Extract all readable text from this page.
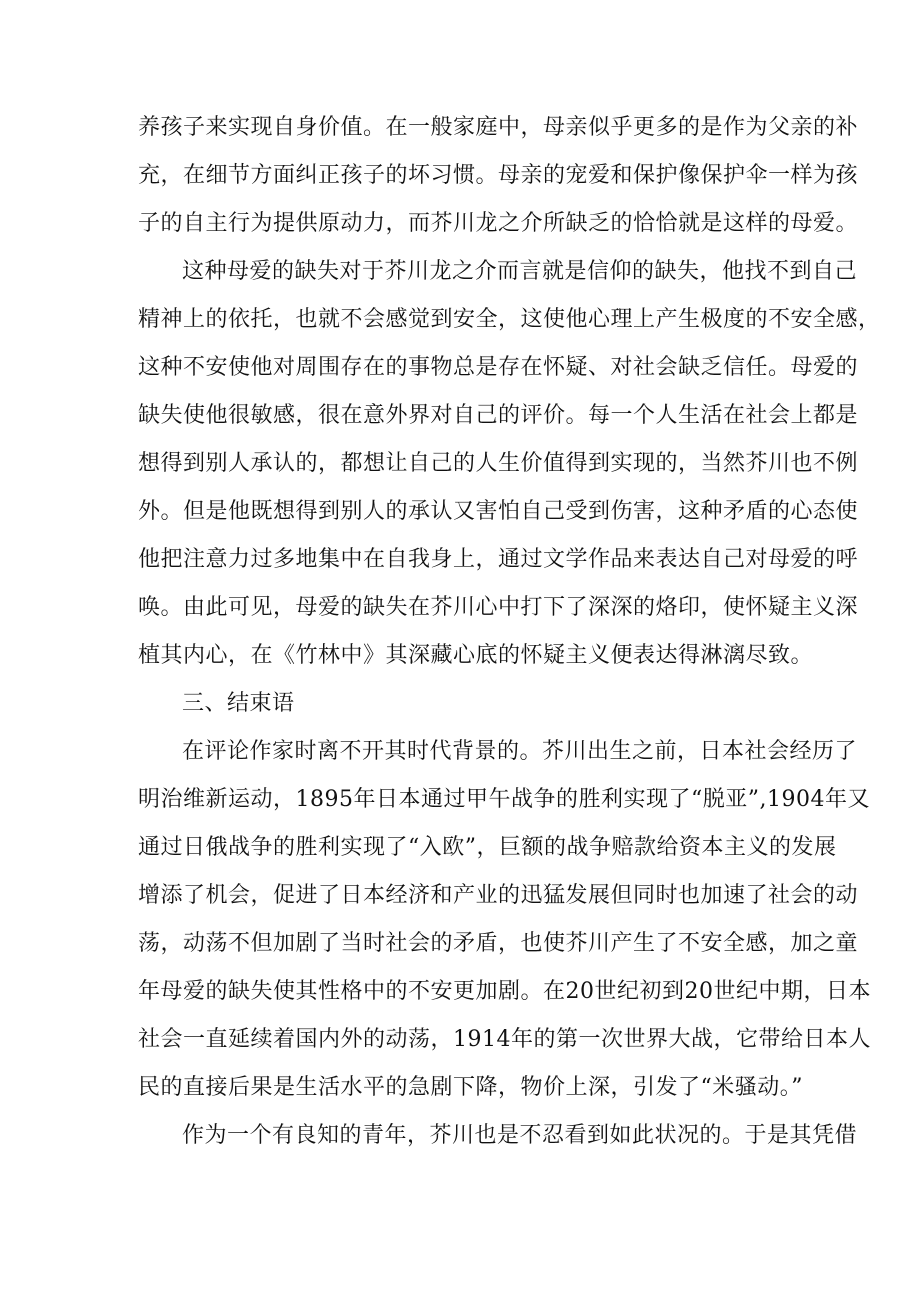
养孩子来实现自身价值。在一般家庭中，母亲似乎更多的是作为父亲的补
充，在细节方面纠正孩子的坏习惯。母亲的宠爱和保护像保护伞一样为孩
子的自主行为提供原动力，而芥川龙之介所缺乏的恰恰就是这样的母爱。
这种母爱的缺失对于芥川龙之介而言就是信仰的缺失，他找不到自己
精神上的依托，也就不会感觉到安全，这使他心理上产生极度的不安全感，
这种不安使他对周围存在的事物总是存在怀疑、对社会缺乏信任。母爱的
缺失使他很敏感，很在意外界对自己的评价。每一个人生活在社会上都是
想得到别人承认的，都想让自己的人生价值得到实现的，当然芥川也不例
外。但是他既想得到别人的承认又害怕自己受到伤害，这种矛盾的心态使
他把注意力过多地集中在自我身上，通过文学作品来表达自己对母爱的呼
唤。由此可见，母爱的缺失在芥川心中打下了深深的烙印，使怀疑主义深
植其内心，在《竹林中》其深藏心底的怀疑主义便表达得淋漓尽致。
三、结束语
在评论作家时离不开其时代背景的。芥川出生之前，日本社会经历了
明治维新运动，1895年日本通过甲午战争的胜利实现了“脱亚”,1904年又
通过日俄战争的胜利实现了“入欧”，巨额的战争赔款给资本主义的发展
增添了机会，促进了日本经济和产业的迅猛发展但同时也加速了社会的动
荡，动荡不但加剧了当时社会的矛盾，也使芥川产生了不安全感，加之童
年母爱的缺失使其性格中的不安更加剧。在20世纪初到20世纪中期，日本
社会一直延续着国内外的动荡，1914年的第一次世界大战，它带给日本人
民的直接后果是生活水平的急剧下降，物价上深，引发了“米骚动。”
作为一个有良知的青年，芥川也是不忍看到如此状况的。于是其凭借
